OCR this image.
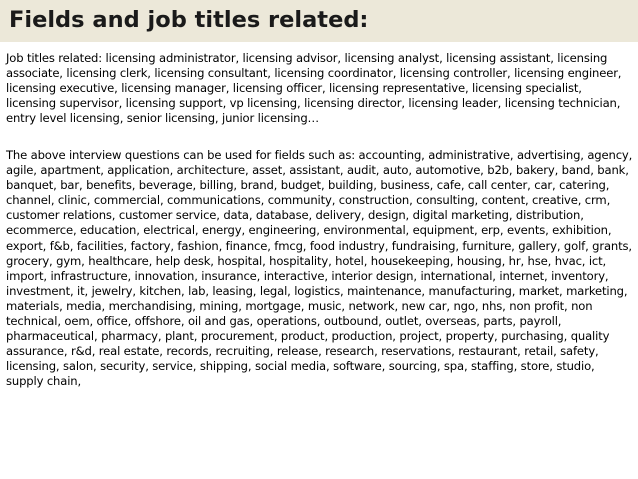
Fields and job titles related:

Job titles related: licensing administrator, licensing advisor, licensing analyst, licensing assistant, licensing associate, licensing clerk, licensing consultant, licensing coordinator, licensing controller, licensing engineer, licensing executive, licensing manager, licensing officer, licensing representative, licensing specialist, licensing supervisor, licensing support, vp licensing, licensing director, licensing leader, licensing technician, entry level licensing, senior licensing, junior licensing…

The above interview questions can be used for fields such as: accounting, administrative, advertising, agency, agile, apartment, application, architecture, asset, assistant, audit, auto, automotive, b2b, bakery, band, bank, banquet, bar, benefits, beverage, billing, brand, budget, building, business, cafe, call center, car, catering, channel, clinic, commercial, communications, community, construction, consulting, content, creative, crm, customer relations, customer service, data, database, delivery, design, digital marketing, distribution, ecommerce, education, electrical, energy, engineering, environmental, equipment, erp, events, exhibition, export, f&b, facilities, factory, fashion, finance, fmcg, food industry, fundraising, furniture, gallery, golf, grants, grocery, gym, healthcare, help desk, hospital, hospitality, hotel, housekeeping, housing, hr, hse, hvac, ict, import, infrastructure, innovation, insurance, interactive, interior design, international, internet, inventory, investment, it, jewelry, kitchen, lab, leasing, legal, logistics, maintenance, manufacturing, market, marketing, materials, media, merchandising, mining, mortgage, music, network, new car, ngo, nhs, non profit, non technical, oem, office, offshore, oil and gas, operations, outbound, outlet, overseas, parts, payroll, pharmaceutical, pharmacy, plant, procurement, product, production, project, property, purchasing, quality assurance, r&d, real estate, records, recruiting, release, research, reservations, restaurant, retail, safety, licensing, salon, security, service, shipping, social media, software, sourcing, spa, staffing, store, studio, supply chain,
